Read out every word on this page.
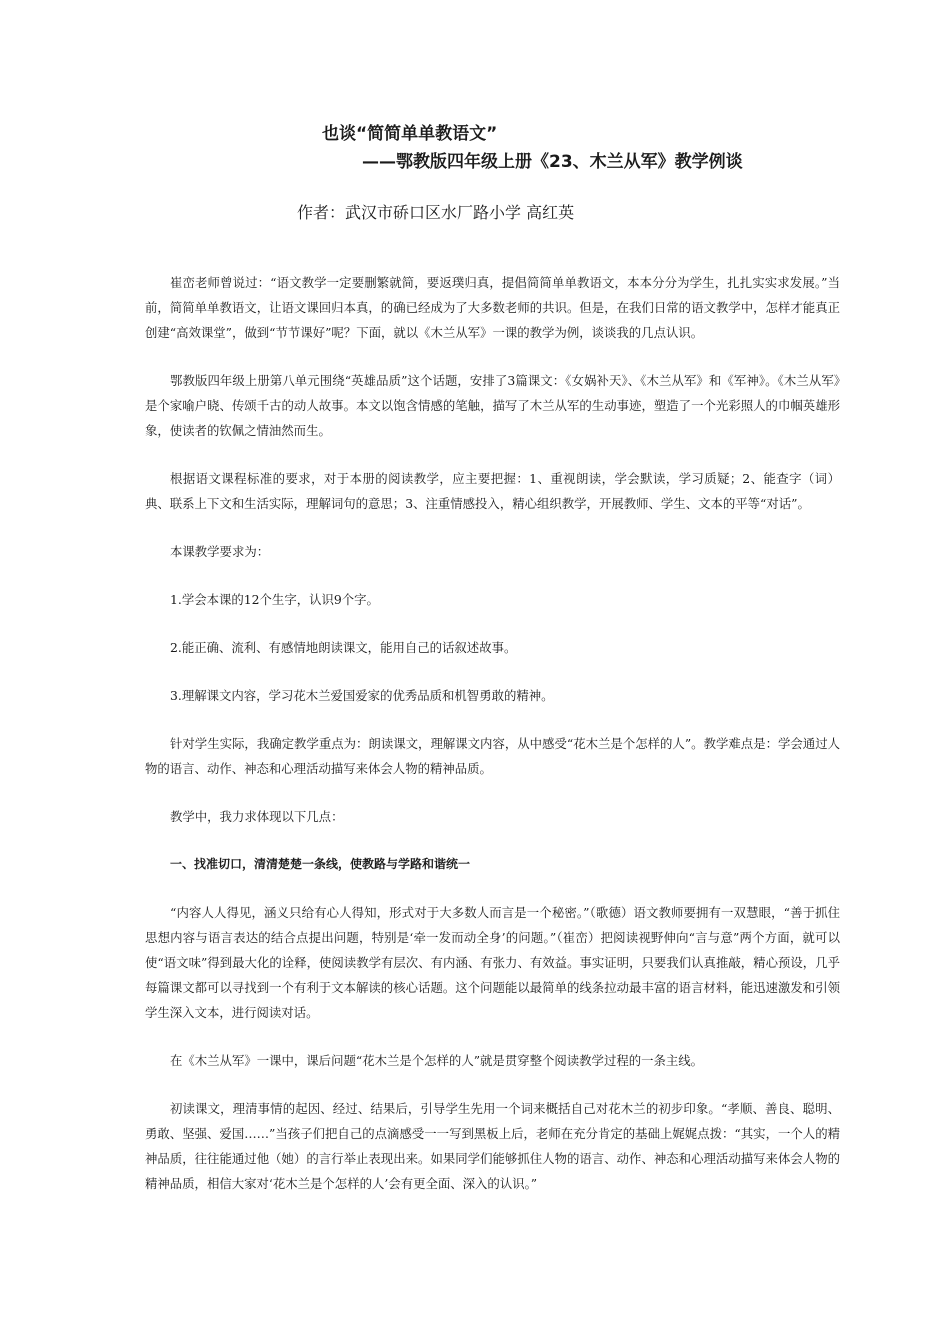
也谈“简简单单教语文”
——鄂教版四年级上册《23、木兰从军》教学例谈
作者：武汉市硚口区水厂路小学 高红英

崔峦老师曾说过：“语文教学一定要删繁就简，要返璞归真，提倡简简单单教语文，本本分分为学生，扎扎实实求发展。”当前，简简单单教语文，让语文课回归本真，的确已经成为了大多数老师的共识。但是，在我们日常的语文教学中，怎样才能真正创建“高效课堂”，做到“节节课好”呢？下面，就以《木兰从军》一课的教学为例，谈谈我的几点认识。

鄂教版四年级上册第八单元围绕“英雄品质”这个话题，安排了3篇课文：《女娲补天》、《木兰从军》和《军神》。《木兰从军》是个家喻户晓、传颂千古的动人故事。本文以饱含情感的笔触，描写了木兰从军的生动事迹，塑造了一个光彩照人的巾帼英雄形象，使读者的钦佩之情油然而生。

根据语文课程标准的要求，对于本册的阅读教学，应主要把握：1、重视朗读，学会默读，学习质疑；2、能查字（词）典、联系上下文和生活实际，理解词句的意思；3、注重情感投入，精心组织教学，开展教师、学生、文本的平等“对话”。

本课教学要求为：

1.学会本课的12个生字，认识9个字。

2.能正确、流利、有感情地朗读课文，能用自己的话叙述故事。

3.理解课文内容，学习花木兰爱国爱家的优秀品质和机智勇敢的精神。

针对学生实际，我确定教学重点为：朗读课文，理解课文内容，从中感受“花木兰是个怎样的人”。教学难点是：学会通过人物的语言、动作、神态和心理活动描写来体会人物的精神品质。

教学中，我力求体现以下几点：

一、找准切口，清清楚楚一条线，使教路与学路和谐统一

“内容人人得见，涵义只给有心人得知，形式对于大多数人而言是一个秘密。”（歌德）语文教师要拥有一双慧眼，“善于抓住思想内容与语言表达的结合点提出问题，特别是‘牵一发而动全身’的问题。”（崔峦）把阅读视野伸向“言与意”两个方面，就可以使“语文味”得到最大化的诠释，使阅读教学有层次、有内涵、有张力、有效益。事实证明，只要我们认真推敲，精心预设，几乎每篇课文都可以寻找到一个有利于文本解读的核心话题。这个问题能以最简单的线条拉动最丰富的语言材料，能迅速激发和引领学生深入文本，进行阅读对话。

在《木兰从军》一课中，课后问题“花木兰是个怎样的人”就是贯穿整个阅读教学过程的一条主线。

初读课文，理清事情的起因、经过、结果后，引导学生先用一个词来概括自己对花木兰的初步印象。“孝顺、善良、聪明、勇敢、坚强、爱国……”当孩子们把自己的点滴感受一一写到黑板上后，老师在充分肯定的基础上娓娓点拨：“其实，一个人的精神品质，往往能通过他（她）的言行举止表现出来。如果同学们能够抓住人物的语言、动作、神态和心理活动描写来体会人物的精神品质，相信大家对‘花木兰是个怎样的人’会有更全面、深入的认识。”
